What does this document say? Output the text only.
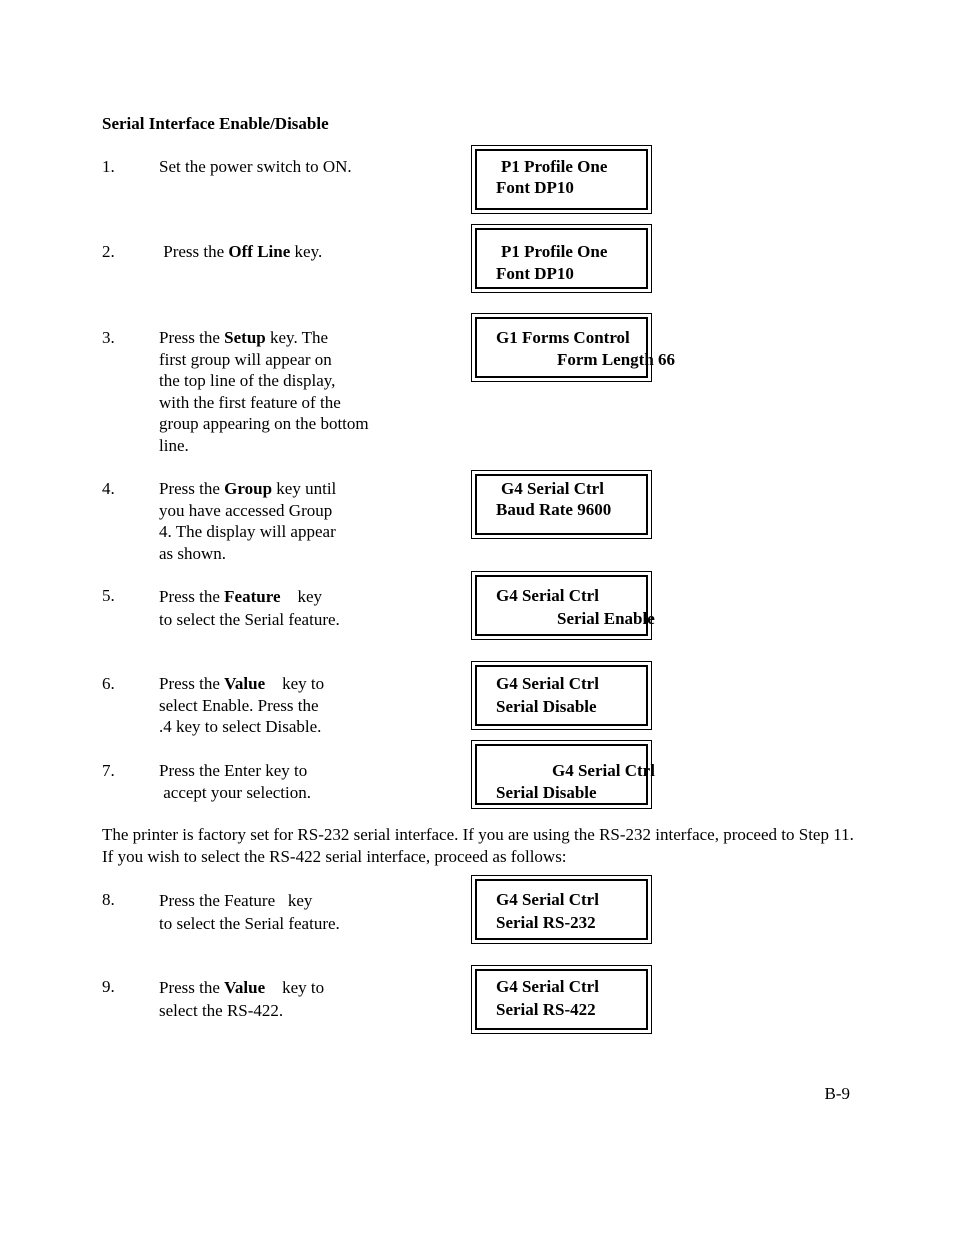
Serial Interface Enable/Disable
1.	Set the power switch to ON.	P1 Profile One
Font DP10
2.	Press the Off Line key.	P1 Profile One
Font DP10
3.	Press the Setup key. The
first group will appear on
the top line of the display,
with the first feature of the
group appearing on the bottom
line.
G1 Forms Control
Form Length 66
4.	Press the Group key until
you have accessed Group
4. The display will appear
as shown.
G4 Serial Ctrl
Baud Rate 9600
5.	Press the Feature    key
to select the Serial feature.
G4 Serial Ctrl
Serial Enable
6.	Press the Value    key to
select Enable. Press the
.4 key to select Disable.
G4 Serial Ctrl
Serial Disable
7.	Press the Enter key to
accept your selection.
G4 Serial Ctrl
Serial Disable
The printer is factory set for RS-232 serial interface. If you are using the RS-232 interface, proceed to Step 11. If you wish to select the RS-422 serial interface, proceed as follows:
8.	Press the Feature   key
to select the Serial feature.
G4 Serial Ctrl
Serial RS-232
9.	Press the Value    key to
select the RS-422.
G4 Serial Ctrl
Serial RS-422
B-9
